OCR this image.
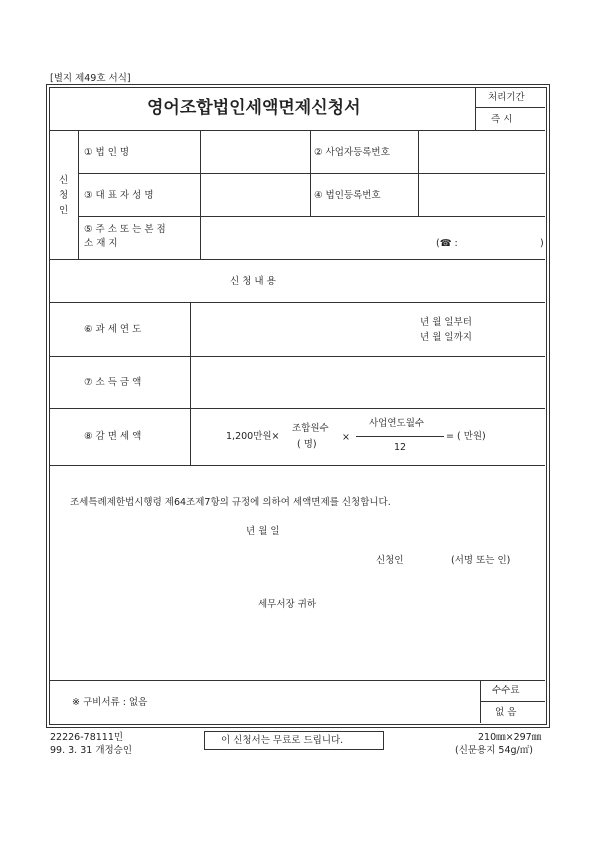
[별지 제49호 서식]
영어조합법인세액면제신청서
처리기간
즉 시
신
청
인
① 법 인 명	② 사업자등록번호
③ 대 표 자 성 명	④ 법인등록번호
⑤ 주 소 또 는 본 점
소 재 지	(☎ :	)
신 청 내 용
⑥ 과 세 연 도
년 월 일부터
년 월 일까지
⑦ 소 득 금 액
⑧ 감 면 세 액	1,200만원×
조합원수
( 명)
×
사업연도월수
12
= ( 만원)
조세특례제한법시행령 제64조제7항의 규정에 의하여 세액면제를 신청합니다.
년 월 일
신청인	(서명 또는 인)
세무서장 귀하
※ 구비서류 : 없음
수수료
없 음
22226-78111민
99. 3. 31 개정승인
이 신청서는 무료로 드립니다.	210㎜×297㎜
(신문용지 54g/㎡)
